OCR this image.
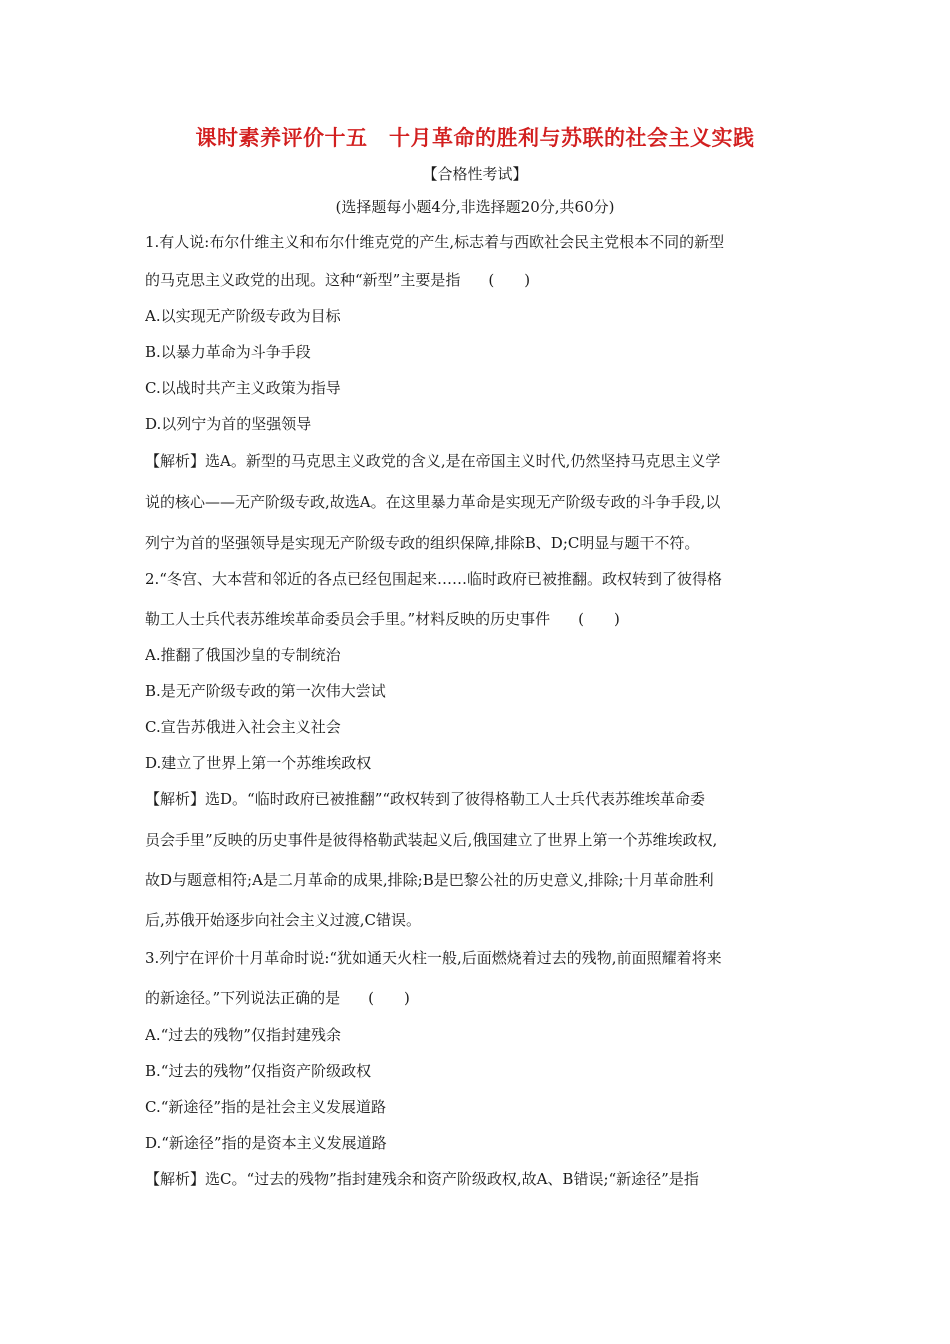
课时素养评价十五　十月革命的胜利与苏联的社会主义实践
【合格性考试】
(选择题每小题4分,非选择题20分,共60分)
1.有人说:布尔什维主义和布尔什维克党的产生,标志着与西欧社会民主党根本不同的新型
的马克思主义政党的出现。这种“新型”主要是指 (　　)
A.以实现无产阶级专政为目标
B.以暴力革命为斗争手段
C.以战时共产主义政策为指导
D.以列宁为首的坚强领导
【解析】选A。新型的马克思主义政党的含义,是在帝国主义时代,仍然坚持马克思主义学
说的核心——无产阶级专政,故选A。在这里暴力革命是实现无产阶级专政的斗争手段,以
列宁为首的坚强领导是实现无产阶级专政的组织保障,排除B、D;C明显与题干不符。
2.“冬宫、大本营和邻近的各点已经包围起来……临时政府已被推翻。政权转到了彼得格
勒工人士兵代表苏维埃革命委员会手里。”材料反映的历史事件 (　　)
A.推翻了俄国沙皇的专制统治
B.是无产阶级专政的第一次伟大尝试
C.宣告苏俄进入社会主义社会
D.建立了世界上第一个苏维埃政权
【解析】选D。“临时政府已被推翻”“政权转到了彼得格勒工人士兵代表苏维埃革命委
员会手里”反映的历史事件是彼得格勒武装起义后,俄国建立了世界上第一个苏维埃政权,
故D与题意相符;A是二月革命的成果,排除;B是巴黎公社的历史意义,排除;十月革命胜利
后,苏俄开始逐步向社会主义过渡,C错误。
3.列宁在评价十月革命时说:“犹如通天火柱一般,后面燃烧着过去的残物,前面照耀着将来
的新途径。”下列说法正确的是 (　　)
A.“过去的残物”仅指封建残余
B.“过去的残物”仅指资产阶级政权
C.“新途径”指的是社会主义发展道路
D.“新途径”指的是资本主义发展道路
【解析】选C。“过去的残物”指封建残余和资产阶级政权,故A、B错误;“新途径”是指
